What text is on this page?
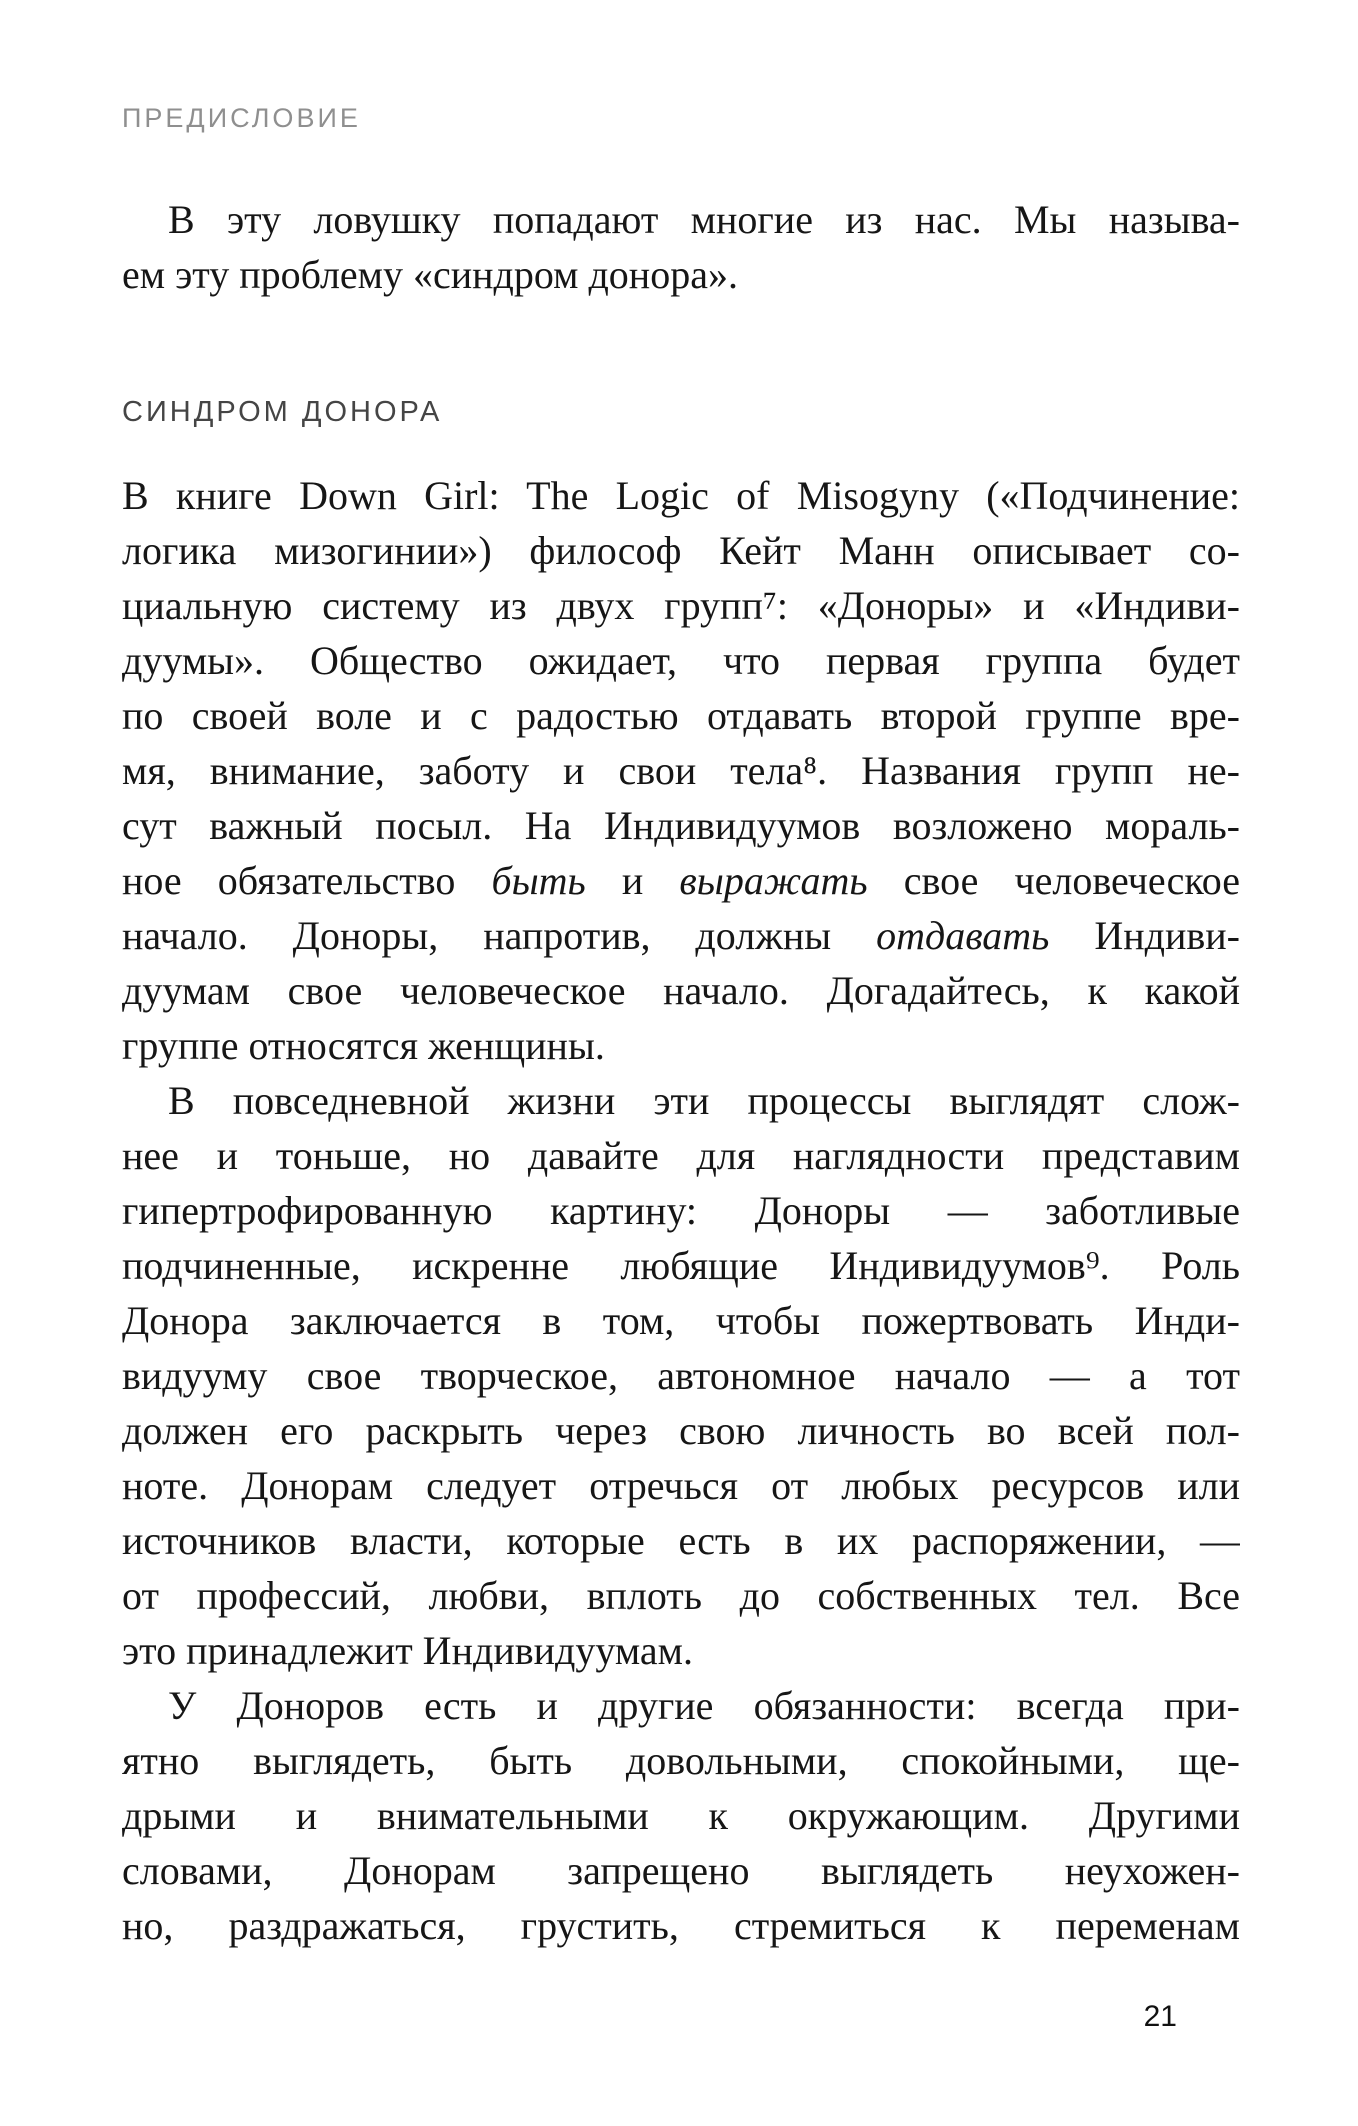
ПРЕДИСЛОВИЕ
В эту ловушку попадают многие из нас. Мы называ-
ем эту проблему «синдром донора».
СИНДРОМ ДОНОРА
В книге Down Girl: The Logic of Misogyny («Подчинение:
логика мизогинии») философ Кейт Манн описывает со-
циальную систему из двух групп⁷: «Доноры» и «Индиви-
дуумы». Общество ожидает, что первая группа будет
по своей воле и с радостью отдавать второй группе вре-
мя, внимание, заботу и свои тела⁸. Названия групп не-
сут важный посыл. На Индивидуумов возложено мораль-
ное обязательство быть и выражать свое человеческое
начало. Доноры, напротив, должны отдавать Индиви-
дуумам свое человеческое начало. Догадайтесь, к какой
группе относятся женщины.
В повседневной жизни эти процессы выглядят слож-
нее и тоньше, но давайте для наглядности представим
гипертрофированную картину: Доноры — заботливые
подчиненные, искренне любящие Индивидуумов⁹. Роль
Донора заключается в том, чтобы пожертвовать Инди-
видууму свое творческое, автономное начало — а тот
должен его раскрыть через свою личность во всей пол-
ноте. Донорам следует отречься от любых ресурсов или
источников власти, которые есть в их распоряжении, —
от профессий, любви, вплоть до собственных тел. Все
это принадлежит Индивидуумам.
У Доноров есть и другие обязанности: всегда при-
ятно выглядеть, быть довольными, спокойными, ще-
дрыми и внимательными к окружающим. Другими
словами, Донорам запрещено выглядеть неухожен-
но, раздражаться, грустить, стремиться к переменам
21
